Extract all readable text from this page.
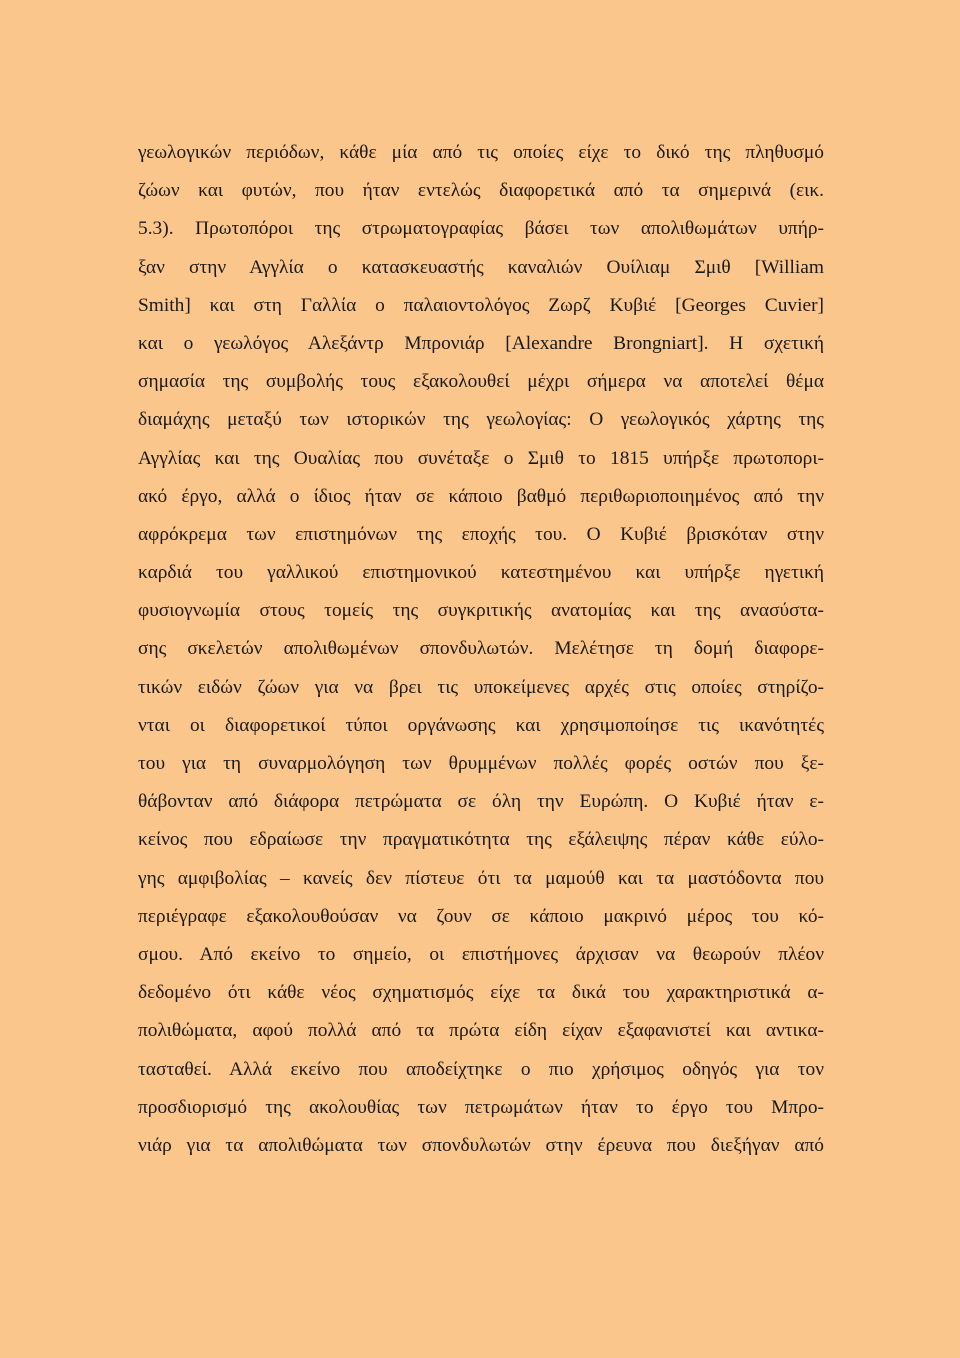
γεωλογικών περιόδων, κάθε μία από τις οποίες είχε το δικό της πληθυσμό
ζώων και φυτών, που ήταν εντελώς διαφορετικά από τα σημερινά (εικ.
5.3). Πρωτοπόροι της στρωματογραφίας βάσει των απολιθωμάτων υπήρ-
ξαν στην Αγγλία ο κατασκευαστής καναλιών Ουίλιαμ Σμιθ [William
Smith] και στη Γαλλία ο παλαιοντολόγος Ζωρζ Κυβιέ [Georges Cuvier]
και ο γεωλόγος Αλεξάντρ Μπρονιάρ [Alexandre Brongniart]. Η σχετική
σημασία της συμβολής τους εξακολουθεί μέχρι σήμερα να αποτελεί θέμα
διαμάχης μεταξύ των ιστορικών της γεωλογίας: Ο γεωλογικός χάρτης της
Αγγλίας και της Ουαλίας που συνέταξε ο Σμιθ το 1815 υπήρξε πρωτοπορι-
ακό έργο, αλλά ο ίδιος ήταν σε κάποιο βαθμό περιθωριοποιημένος από την
αφρόκρεμα των επιστημόνων της εποχής του. Ο Κυβιέ βρισκόταν στην
καρδιά του γαλλικού επιστημονικού κατεστημένου και υπήρξε ηγετική
φυσιογνωμία στους τομείς της συγκριτικής ανατομίας και της ανασύστα-
σης σκελετών απολιθωμένων σπονδυλωτών. Μελέτησε τη δομή διαφορε-
τικών ειδών ζώων για να βρει τις υποκείμενες αρχές στις οποίες στηρίζο-
νται οι διαφορετικοί τύποι οργάνωσης και χρησιμοποίησε τις ικανότητές
του για τη συναρμολόγηση των θρυμμένων πολλές φορές οστών που ξε-
θάβονταν από διάφορα πετρώματα σε όλη την Ευρώπη. Ο Κυβιέ ήταν ε-
κείνος που εδραίωσε την πραγματικότητα της εξάλειψης πέραν κάθε εύλο-
γης αμφιβολίας – κανείς δεν πίστευε ότι τα μαμούθ και τα μαστόδοντα που
περιέγραφε εξακολουθούσαν να ζουν σε κάποιο μακρινό μέρος του κό-
σμου. Από εκείνο το σημείο, οι επιστήμονες άρχισαν να θεωρούν πλέον
δεδομένο ότι κάθε νέος σχηματισμός είχε τα δικά του χαρακτηριστικά α-
πολιθώματα, αφού πολλά από τα πρώτα είδη είχαν εξαφανιστεί και αντικα-
τασταθεί. Αλλά εκείνο που αποδείχτηκε ο πιο χρήσιμος οδηγός για τον
προσδιορισμό της ακολουθίας των πετρωμάτων ήταν το έργο του Μπρο-
νιάρ για τα απολιθώματα των σπονδυλωτών στην έρευνα που διεξήγαν από
